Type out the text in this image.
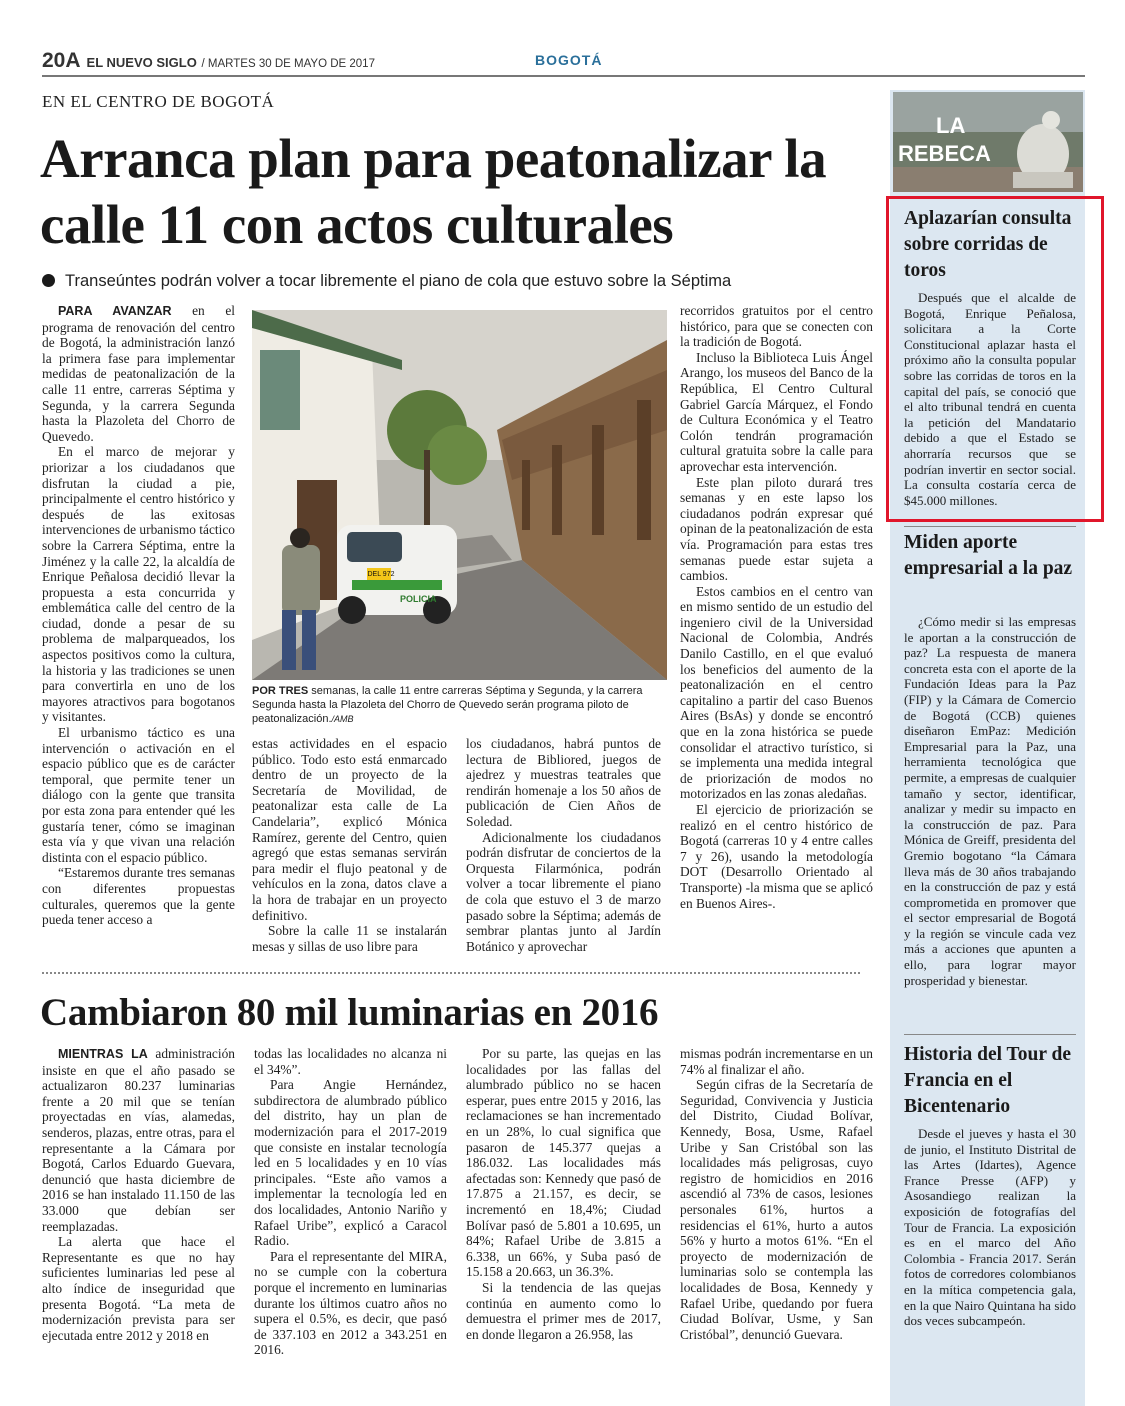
20A EL NUEVO SIGLO / MARTES 30 DE MAYO DE 2017	BOGOTÁ
EN EL CENTRO DE BOGOTÁ
Arranca plan para peatonalizar la calle 11 con actos culturales
Transeúntes podrán volver a tocar libremente el piano de cola que estuvo sobre la Séptima

PARA AVANZAR en el programa de renovación del centro de Bogotá, la administración lanzó la primera fase para implementar medidas de peatonalización de la calle 11 entre, carreras Séptima y Segunda, y la carrera Segunda hasta la Plazoleta del Chorro de Quevedo.

En el marco de mejorar y priorizar a los ciudadanos que disfrutan la ciudad a pie, principalmente el centro histórico y después de las exitosas intervenciones de urbanismo táctico sobre la Carrera Séptima, entre la Jiménez y la calle 22, la alcaldía de Enrique Peñalosa decidió llevar la propuesta a esta concurrida y emblemática calle del centro de la ciudad, donde a pesar de su problema de malparqueados, los aspectos positivos como la cultura, la historia y las tradiciones se unen para convertirla en uno de los mayores atractivos para bogotanos y visitantes.

El urbanismo táctico es una intervención o activación en el espacio público que es de carácter temporal, que permite tener un diálogo con la gente que transita por esta zona para entender qué les gustaría tener, cómo se imaginan esta vía y que vivan una relación distinta con el espacio público.

“Estaremos durante tres semanas con diferentes propuestas culturales, queremos que la gente pueda tener acceso a

DEL 972
POLICIA
POR TRES semanas, la calle 11 entre carreras Séptima y Segunda, y la carrera Segunda hasta la Plazoleta del Chorro de Quevedo serán programa piloto de peatonalización./AMB

estas actividades en el espacio público. Todo esto está enmarcado dentro de un proyecto de la Secretaría de Movilidad, de peatonalizar esta calle de La Candelaria”, explicó Mónica Ramírez, gerente del Centro, quien agregó que estas semanas servirán para medir el flujo peatonal y de vehículos en la zona, datos clave a la hora de trabajar en un proyecto definitivo.

Sobre la calle 11 se instalarán mesas y sillas de uso libre para

los ciudadanos, habrá puntos de lectura de Bibliored, juegos de ajedrez y muestras teatrales que rendirán homenaje a los 50 años de publicación de Cien Años de Soledad.

Adicionalmente los ciudadanos podrán disfrutar de conciertos de la Orquesta Filarmónica, podrán volver a tocar libremente el piano de cola que estuvo el 3 de marzo pasado sobre la Séptima; además de sembrar plantas junto al Jardín Botánico y aprovechar

recorridos gratuitos por el centro histórico, para que se conecten con la tradición de Bogotá.

Incluso la Biblioteca Luis Ángel Arango, los museos del Banco de la República, El Centro Cultural Gabriel García Márquez, el Fondo de Cultura Económica y el Teatro Colón tendrán programación cultural gratuita sobre la calle para aprovechar esta intervención.

Este plan piloto durará tres semanas y en este lapso los ciudadanos podrán expresar qué opinan de la peatonalización de esta vía. Programación para estas tres semanas puede estar sujeta a cambios.

Estos cambios en el centro van en mismo sentido de un estudio del ingeniero civil de la Universidad Nacional de Colombia, Andrés Danilo Castillo, en el que evaluó los beneficios del aumento de la peatonalización en el centro capitalino a partir del caso Buenos Aires (BsAs) y donde se encontró que en la zona histórica se puede consolidar el atractivo turístico, si se implementa una medida integral de priorización de modos no motorizados en las zonas aledañas.

El ejercicio de priorización se realizó en el centro histórico de Bogotá (carreras 10 y 4 entre calles 7 y 26), usando la metodología DOT (Desarrollo Orientado al Transporte) -la misma que se aplicó en Buenos Aires-.

Cambiaron 80 mil luminarias en 2016

MIENTRAS LA administración insiste en que el año pasado se actualizaron 80.237 luminarias frente a 20 mil que se tenían proyectadas en vías, alamedas, senderos, plazas, entre otras, para el representante a la Cámara por Bogotá, Carlos Eduardo Guevara, denunció que hasta diciembre de 2016 se han instalado 11.150 de las 33.000 que debían ser reemplazadas.

La alerta que hace el Representante es que no hay suficientes luminarias led pese al alto índice de inseguridad que presenta Bogotá. “La meta de modernización prevista para ser ejecutada entre 2012 y 2018 en

todas las localidades no alcanza ni el 34%”.

Para Angie Hernández, subdirectora de alumbrado público del distrito, hay un plan de modernización para el 2017-2019 que consiste en instalar tecnología led en 5 localidades y en 10 vías principales. “Este año vamos a implementar la tecnología led en dos localidades, Antonio Nariño y Rafael Uribe”, explicó a Caracol Radio.

Para el representante del MIRA, no se cumple con la cobertura porque el incremento en luminarias durante los últimos cuatro años no supera el 0.5%, es decir, que pasó de 337.103 en 2012 a 343.251 en 2016.

Por su parte, las quejas en las localidades por las fallas del alumbrado público no se hacen esperar, pues entre 2015 y 2016, las reclamaciones se han incrementado en un 28%, lo cual significa que pasaron de 145.377 quejas a 186.032. Las localidades más afectadas son: Kennedy que pasó de 17.875 a 21.157, es decir, se incrementó en 18,4%; Ciudad Bolívar pasó de 5.801 a 10.695, un 84%; Rafael Uribe de 3.815 a 6.338, un 66%, y Suba pasó de 15.158 a 20.663, un 36.3%.

Si la tendencia de las quejas continúa en aumento como lo demuestra el primer mes de 2017, en donde llegaron a 26.958, las

mismas podrán incrementarse en un 74% al finalizar el año.

Según cifras de la Secretaría de Seguridad, Convivencia y Justicia del Distrito, Ciudad Bolívar, Kennedy, Bosa, Usme, Rafael Uribe y San Cristóbal son las localidades más peligrosas, cuyo registro de homicidios en 2016 ascendió al 73% de casos, lesiones personales 61%, hurtos a residencias el 61%, hurto a autos 56% y hurto a motos 61%. “En el proyecto de modernización de luminarias solo se contempla las localidades de Bosa, Kennedy y Rafael Uribe, quedando por fuera Ciudad Bolívar, Usme, y San Cristóbal”, denunció Guevara.

LA
REBECA
Aplazarían consulta sobre corridas de toros

Después que el alcalde de Bogotá, Enrique Peñalosa, solicitara a la Corte Constitucional aplazar hasta el próximo año la consulta popular sobre las corridas de toros en la capital del país, se conoció que el alto tribunal tendrá en cuenta la petición del Mandatario debido a que el Estado se ahorraría recursos que se podrían invertir en sector social. La consulta costaría cerca de $45.000 millones.

Miden aporte empresarial a la paz

¿Cómo medir si las empresas le aportan a la construcción de paz? La respuesta de manera concreta esta con el aporte de la Fundación Ideas para la Paz (FIP) y la Cámara de Comercio de Bogotá (CCB) quienes diseñaron EmPaz: Medición Empresarial para la Paz, una herramienta tecnológica que permite, a empresas de cualquier tamaño y sector, identificar, analizar y medir su impacto en la construcción de paz. Para Mónica de Greiff, presidenta del Gremio bogotano “la Cámara lleva más de 30 años trabajando en la construcción de paz y está comprometida en promover que el sector empresarial de Bogotá y la región se vincule cada vez más a acciones que apunten a ello, para lograr mayor prosperidad y bienestar.

Historia del Tour de Francia en el Bicentenario

Desde el jueves y hasta el 30 de junio, el Instituto Distrital de las Artes (Idartes), Agence France Presse (AFP) y Asosandiego realizan la exposición de fotografías del Tour de Francia. La exposición es en el marco del Año Colombia - Francia 2017. Serán fotos de corredores colombianos en la mítica competencia gala, en la que Nairo Quintana ha sido dos veces subcampeón.
